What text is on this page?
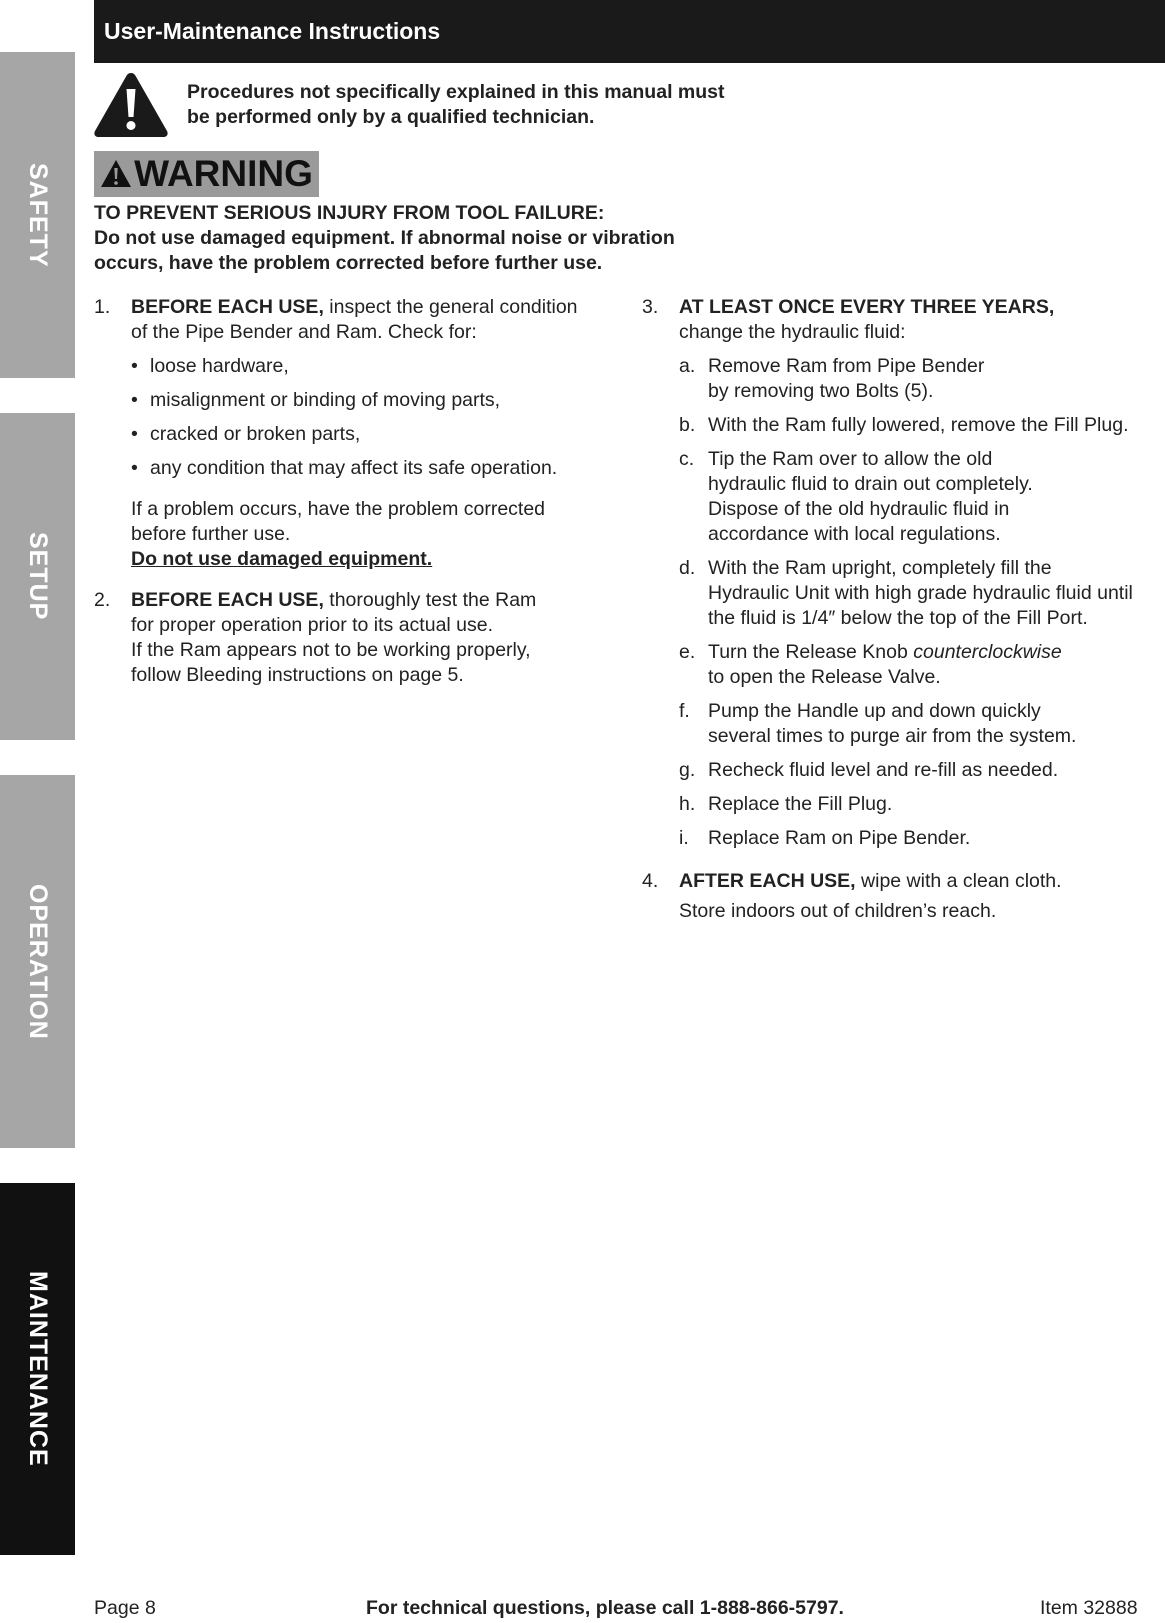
SAFETY
SETUP
OPERATION
MAINTENANCE
User-Maintenance Instructions
Procedures not specifically explained in this manual must
be performed only by a qualified technician.
WARNING
TO PREVENT SERIOUS INJURY FROM TOOL FAILURE:
Do not use damaged equipment. If abnormal noise or vibration
occurs, have the problem corrected before further use.
1. BEFORE EACH USE, inspect the general condition
of the Pipe Bender and Ram. Check for:
• loose hardware,
• misalignment or binding of moving parts,
• cracked or broken parts,
• any condition that may affect its safe operation.
If a problem occurs, have the problem corrected
before further use.
Do not use damaged equipment.
2. BEFORE EACH USE, thoroughly test the Ram
for proper operation prior to its actual use.
If the Ram appears not to be working properly,
follow Bleeding instructions on page 5.
3. AT LEAST ONCE EVERY THREE YEARS,
change the hydraulic fluid:
a. Remove Ram from Pipe Bender
by removing two Bolts (5).
b. With the Ram fully lowered, remove the Fill Plug.
c. Tip the Ram over to allow the old
hydraulic fluid to drain out completely.
Dispose of the old hydraulic fluid in
accordance with local regulations.
d. With the Ram upright, completely fill the
Hydraulic Unit with high grade hydraulic fluid until
the fluid is 1/4″ below the top of the Fill Port.
e. Turn the Release Knob counterclockwise
to open the Release Valve.
f. Pump the Handle up and down quickly
several times to purge air from the system.
g. Recheck fluid level and re-fill as needed.
h. Replace the Fill Plug.
i. Replace Ram on Pipe Bender.
4. AFTER EACH USE, wipe with a clean cloth.
Store indoors out of children’s reach.
Page 8	For technical questions, please call 1-888-866-5797.	Item 32888
